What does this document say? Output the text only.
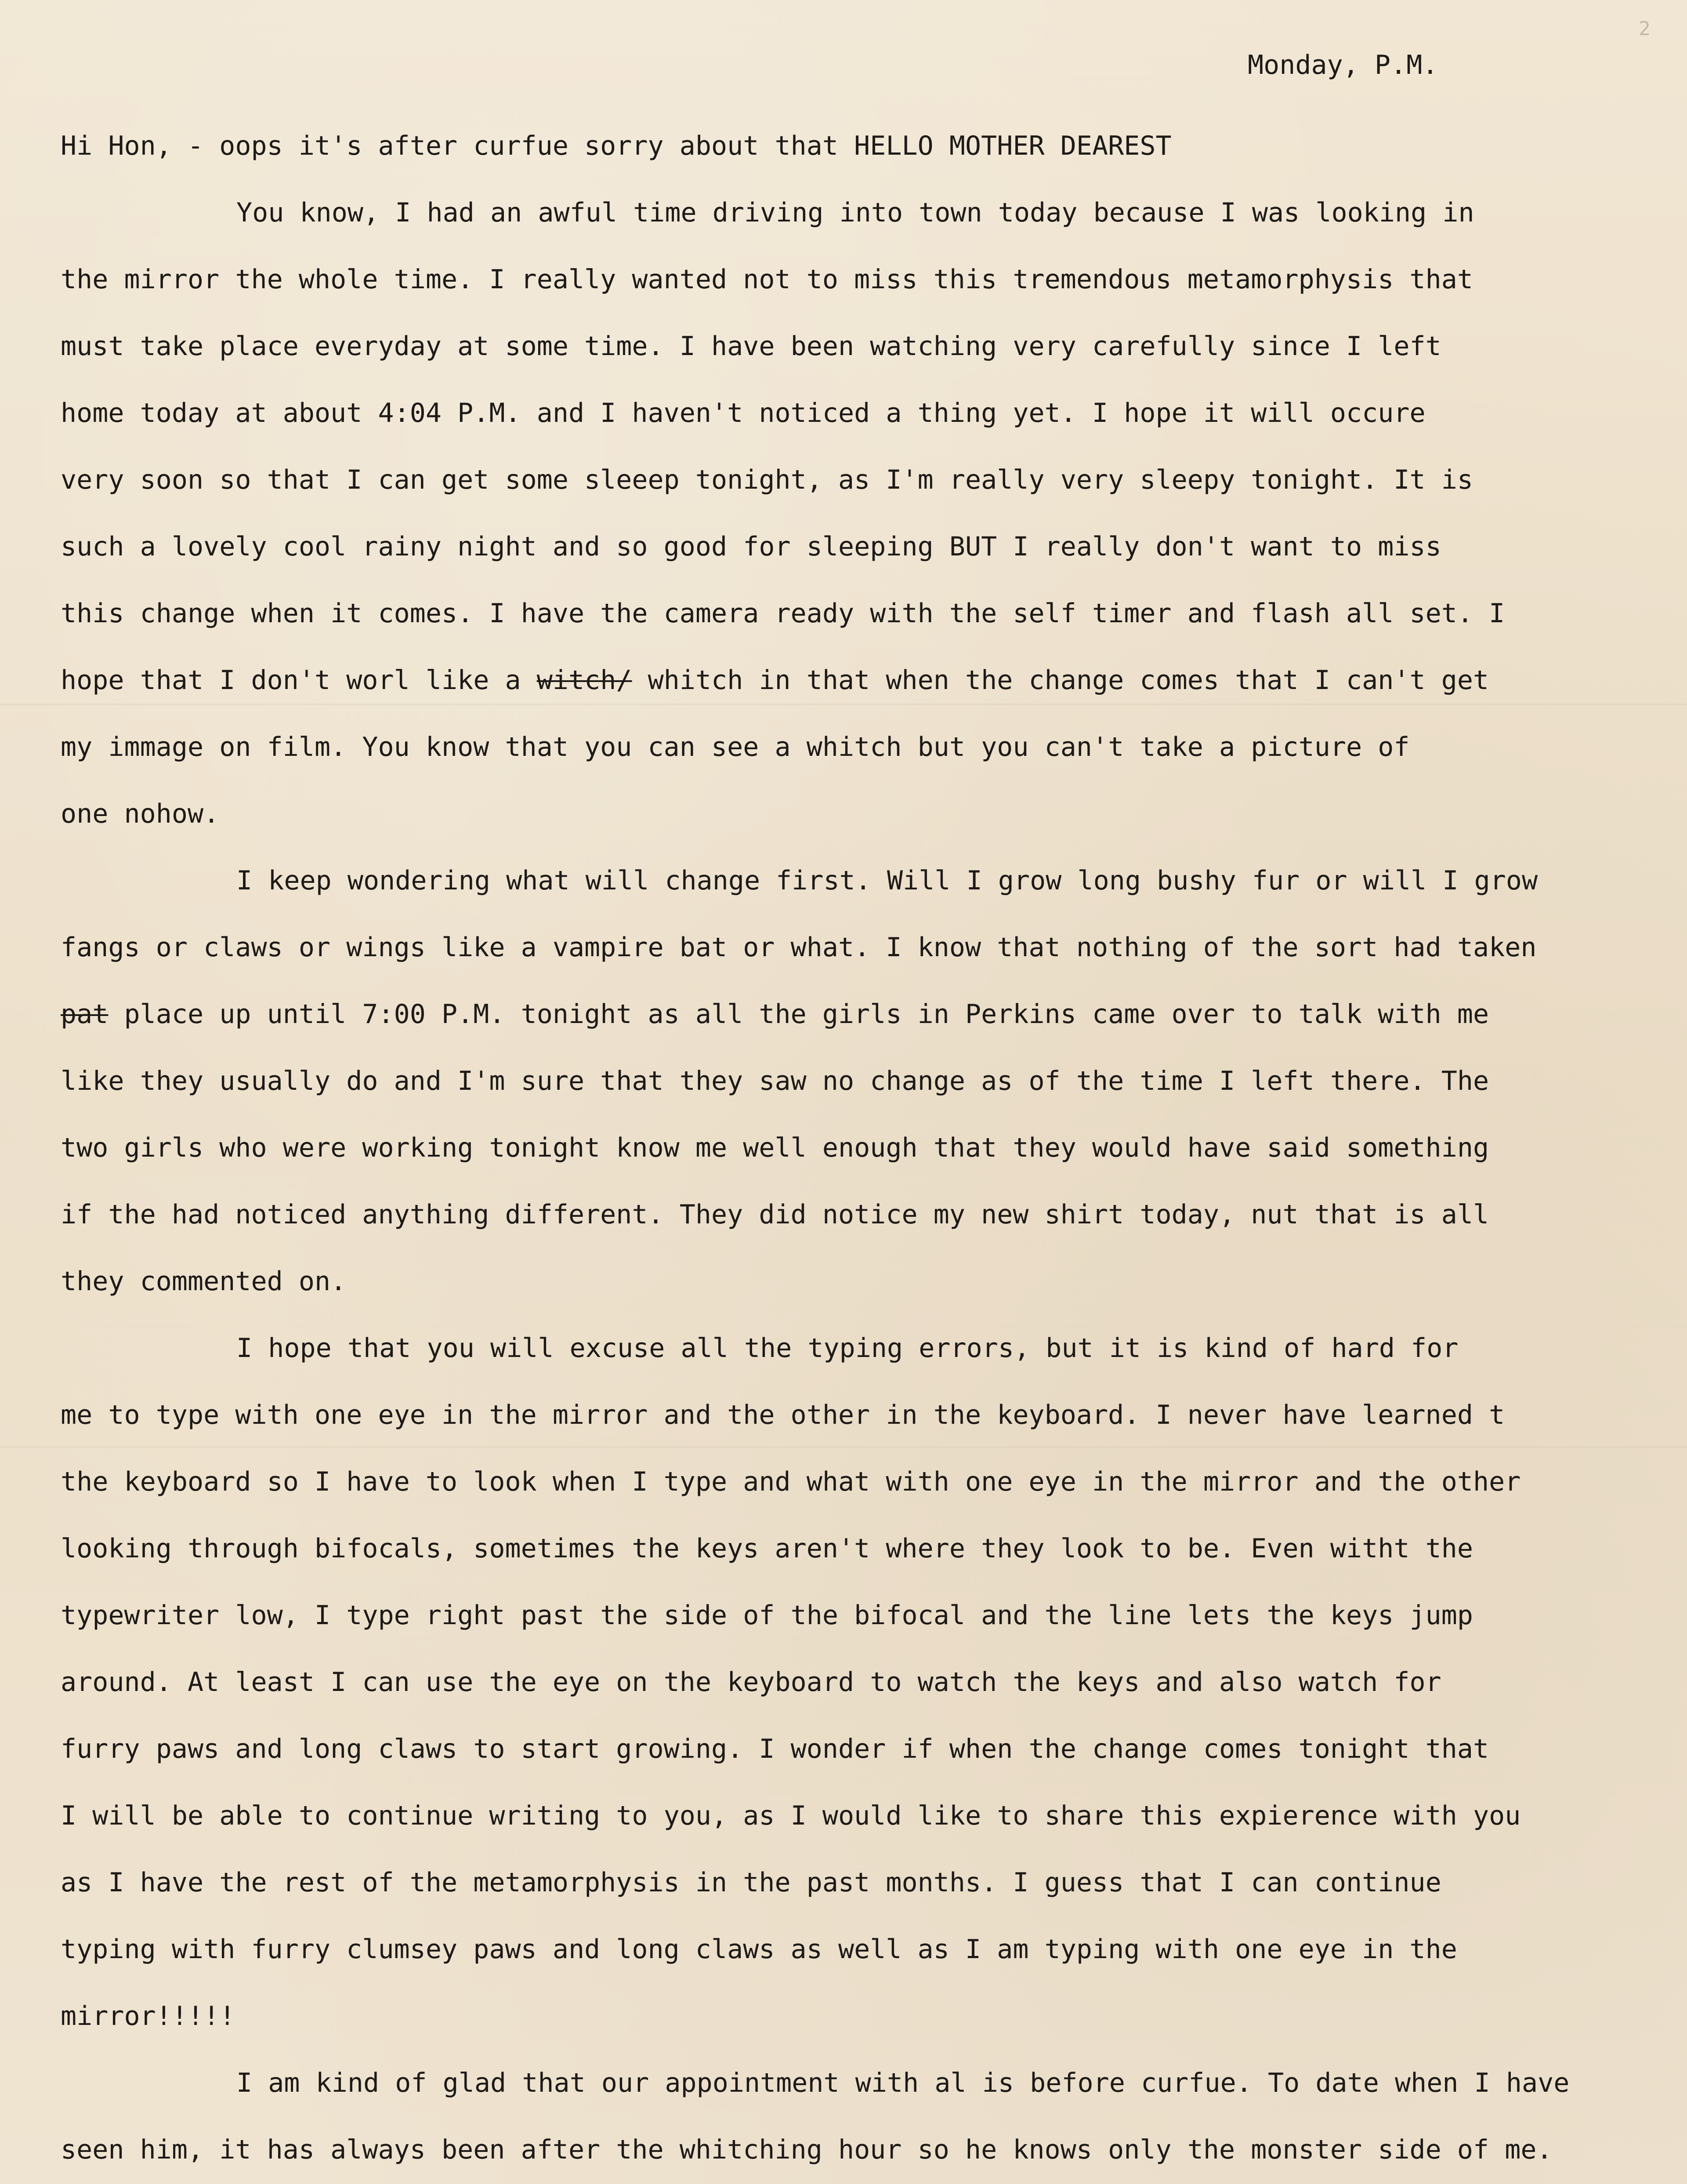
2
Monday, P.M.
Hi Hon, - oops it's after curfue sorry about that HELLO MOTHER DEAREST
You know, I had an awful time driving into town today because I was looking in
the mirror the whole time. I really wanted not to miss this tremendous metamorphysis that
must take place everyday at some time. I have been watching very carefully since I left
home today at about 4:04 P.M. and I haven't noticed a thing yet. I hope it will occure
very soon so that I can get some sleeep tonight, as I'm really very sleepy tonight. It is
such a lovely cool rainy night and so good for sleeping BUT I really don't want to miss
this change when it comes. I have the camera ready with the self timer and flash all set. I
hope that I don't worl like a witch/ whitch in that when the change comes that I can't get
my immage on film. You know that you can see a whitch but you can't take a picture of
one nohow.
I keep wondering what will change first. Will I grow long bushy fur or will I grow
fangs or claws or wings like a vampire bat or what. I know that nothing of the sort had taken
pat place up until 7:00 P.M. tonight as all the girls in Perkins came over to talk with me
like they usually do and I'm sure that they saw no change as of the time I left there. The
two girls who were working tonight know me well enough that they would have said something
if the had noticed anything different. They did notice my new shirt today, nut that is all
they commented on.
I hope that you will excuse all the typing errors, but it is kind of hard for
me to type with one eye in the mirror and the other in the keyboard. I never have learned t
the keyboard so I have to look when I type and what with one eye in the mirror and the other
looking through bifocals, sometimes the keys aren't where they look to be. Even witht the
typewriter low, I type right past the side of the bifocal and the line lets the keys jump
around. At least I can use the eye on the keyboard to watch the keys and also watch for
furry paws and long claws to start growing. I wonder if when the change comes tonight that
I will be able to continue writing to you, as I would like to share this expierence with you
as I have the rest of the metamorphysis in the past months. I guess that I can continue
typing with furry clumsey paws and long claws as well as I am typing with one eye in the
mirror!!!!!
I am kind of glad that our appointment with al is before curfue. To date when I have
seen him, it has always been after the whitching hour so he knows only the monster side of me.
